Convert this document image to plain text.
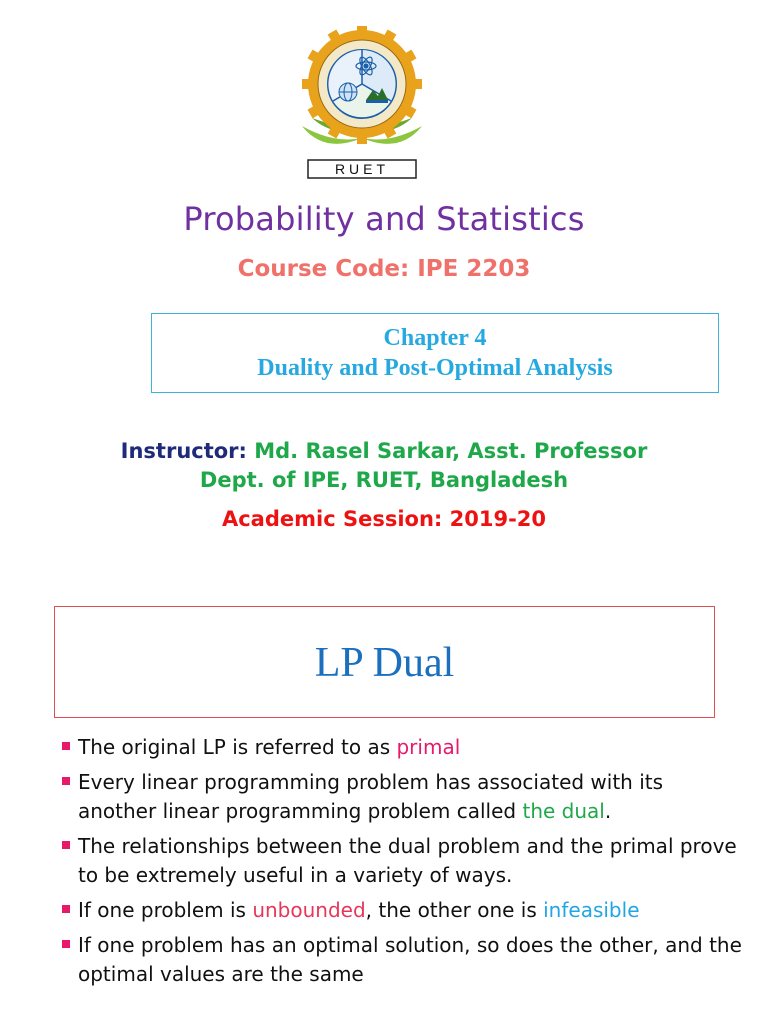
RUET
Probability and Statistics
Course Code: IPE 2203
Chapter 4
Duality and Post-Optimal Analysis
Instructor: Md. Rasel Sarkar, Asst. Professor
Dept. of IPE, RUET, Bangladesh
Academic Session: 2019-20
LP Dual
The original LP is referred to as primal
Every linear programming problem has associated with its another linear programming problem called the dual.
The relationships between the dual problem and the primal prove to be extremely useful in a variety of ways.
If one problem is unbounded, the other one is infeasible
If one problem has an optimal solution, so does the other, and the optimal values are the same
